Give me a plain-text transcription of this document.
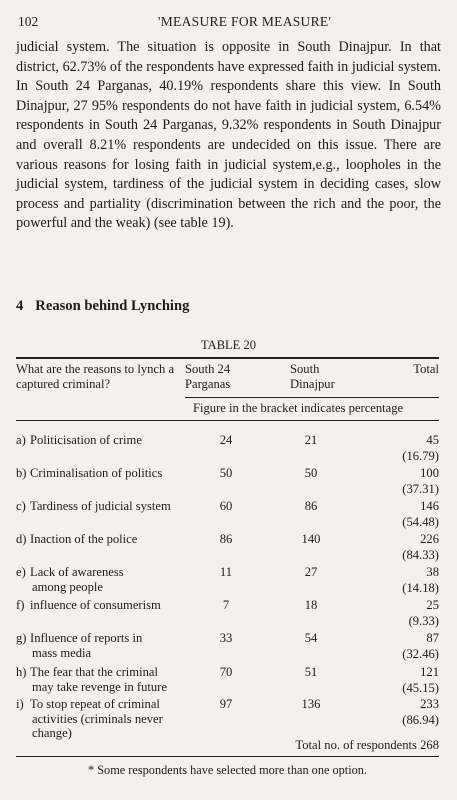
102	'MEASURE FOR MEASURE'

judicial system. The situation is opposite in South Dinajpur. In that district, 62.73% of the respondents have expressed faith in judicial system. In South 24 Parganas, 40.19% respondents share this view. In South Dinajpur, 27 95% respondents do not have faith in judicial system, 6.54% respondents in South 24 Parganas, 9.32% respondents in South Dinajpur and overall 8.21% respondents are undecided on this issue. There are various reasons for losing faith in judicial system,e.g., loopholes in the judicial system, tardiness of the judicial system in deciding cases, slow process and partiality (discrimination between the rich and the poor, the powerful and the weak) (see table 19).

4 Reason behind Lynching
TABLE 20
What are the reasons to lynch a captured criminal?
South 24 Parganas
South Dinajpur
Total
Figure in the bracket indicates percentage
a) Politicisation of crime	24	21	45
(16.79)
b) Criminalisation of politics	50	50	100
(37.31)
c) Tardiness of judicial system	60	86	146
(54.48)
d) Inaction of the police	86	140	226
(84.33)
e) Lack of awareness
among people
11	27	38
(14.18)
f) influence of consumerism	7	18	25
(9.33)
g) Influence of reports in
mass media
33	54	87
(32.46)
h) The fear that the criminal
may take revenge in future
70	51	121
(45.15)
i) To stop repeat of criminal
activities (criminals never change)
97	136	233
(86.94)
Total no. of respondents 268
* Some respondents have selected more than one option.
